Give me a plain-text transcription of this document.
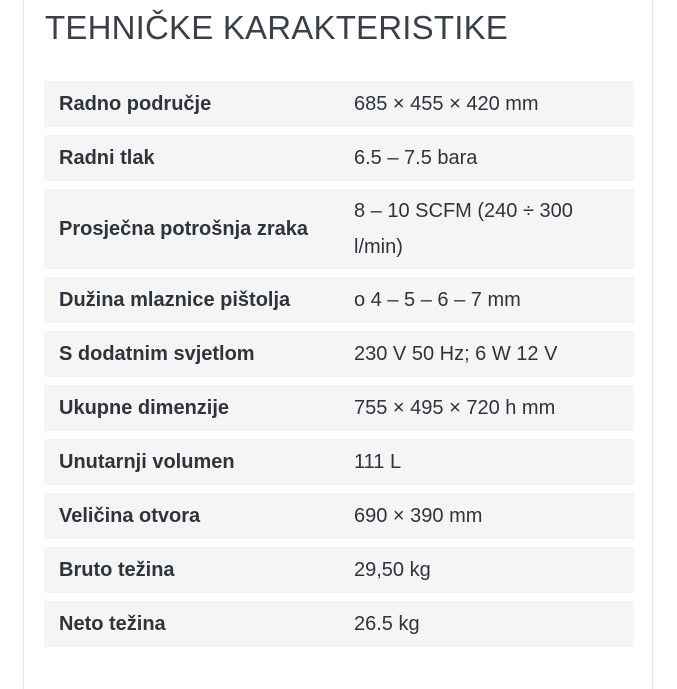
TEHNIČKE KARAKTERISTIKE
Radno područje	685 × 455 × 420 mm
Radni tlak	6.5 – 7.5 bara
Prosječna potrošnja zraka	8 – 10 SCFM (240 ÷ 300 l/min)
Dužina mlaznice pištolja	o 4 – 5 – 6 – 7 mm
S dodatnim svjetlom	230 V 50 Hz; 6 W 12 V
Ukupne dimenzije	755 × 495 × 720 h mm
Unutarnji volumen	111 L
Veličina otvora	690 × 390 mm
Bruto težina	29,50 kg
Neto težina	26.5 kg
